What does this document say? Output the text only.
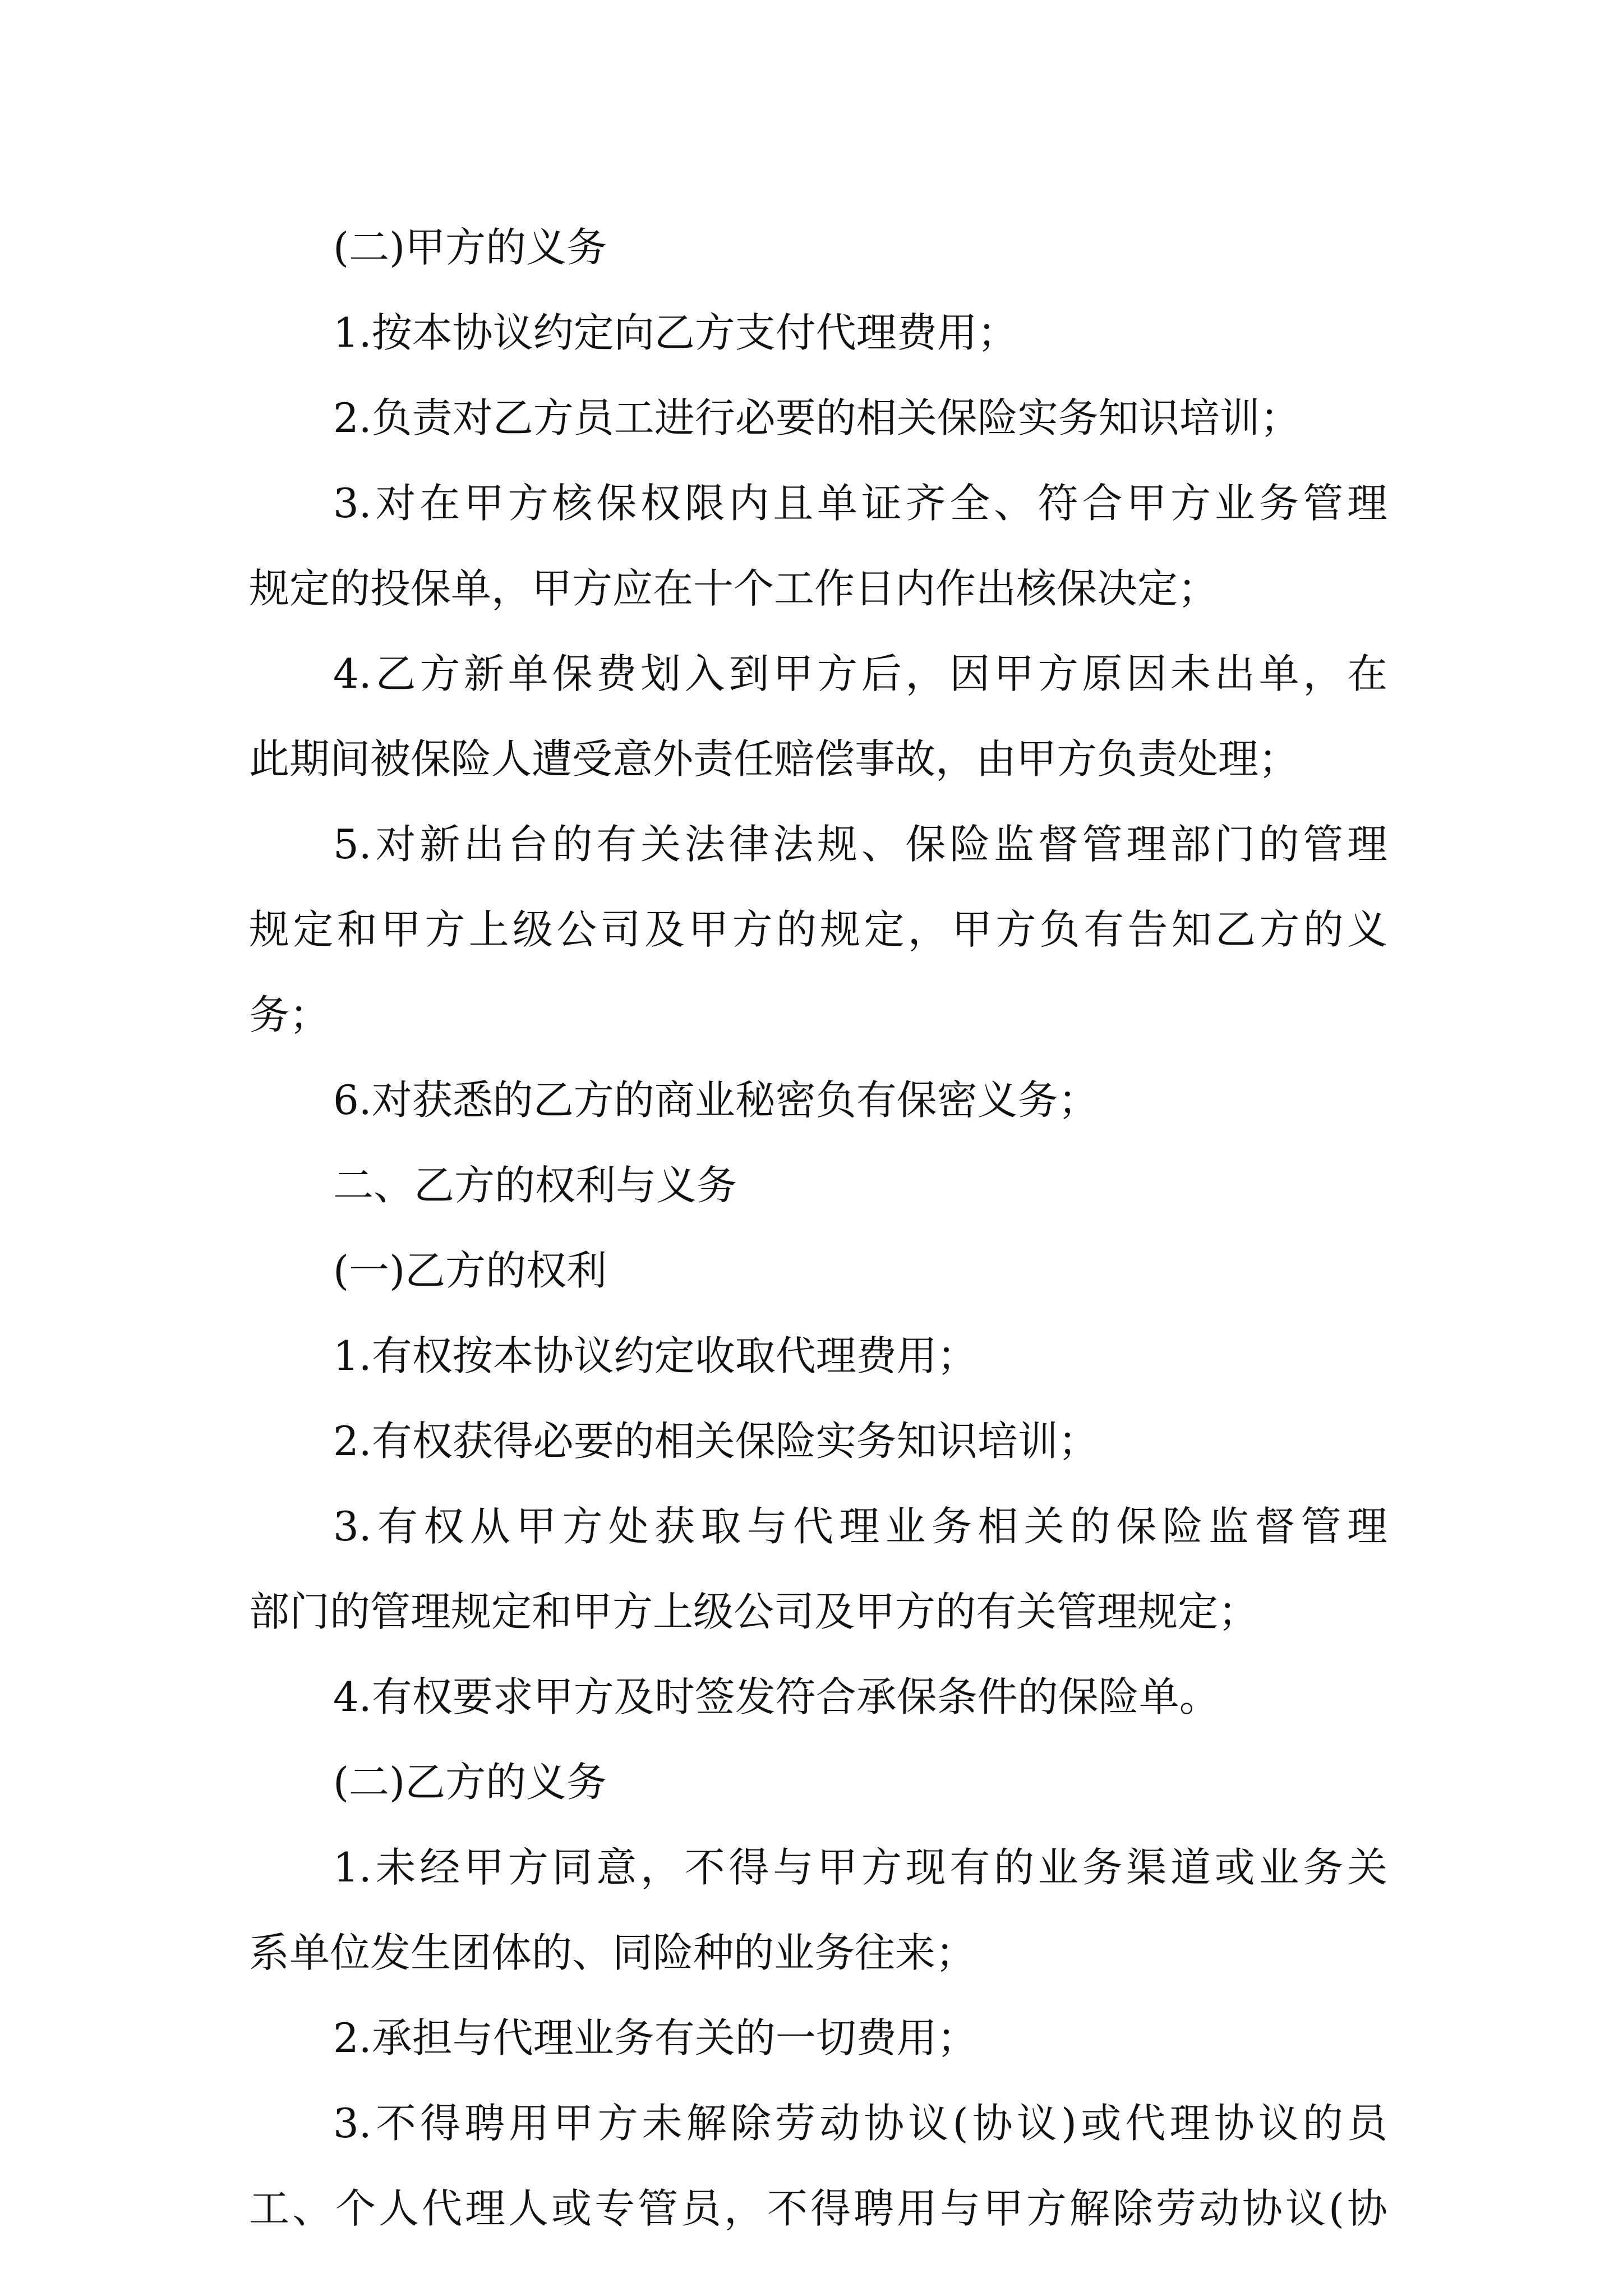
(二)甲方的义务
1.按本协议约定向乙方支付代理费用；
2.负责对乙方员工进行必要的相关保险实务知识培训；
3.对在甲方核保权限内且单证齐全、符合甲方业务管理
规定的投保单，甲方应在十个工作日内作出核保决定；
4.乙方新单保费划入到甲方后，因甲方原因未出单，在
此期间被保险人遭受意外责任赔偿事故，由甲方负责处理；
5.对新出台的有关法律法规、保险监督管理部门的管理
规定和甲方上级公司及甲方的规定，甲方负有告知乙方的义
务；
6.对获悉的乙方的商业秘密负有保密义务；
二、乙方的权利与义务
(一)乙方的权利
1.有权按本协议约定收取代理费用；
2.有权获得必要的相关保险实务知识培训；
3.有权从甲方处获取与代理业务相关的保险监督管理
部门的管理规定和甲方上级公司及甲方的有关管理规定；
4.有权要求甲方及时签发符合承保条件的保险单。
(二)乙方的义务
1.未经甲方同意，不得与甲方现有的业务渠道或业务关
系单位发生团体的、同险种的业务往来；
2.承担与代理业务有关的一切费用；
3.不得聘用甲方未解除劳动协议(协议)或代理协议的员
工、个人代理人或专管员，不得聘用与甲方解除劳动协议(协
